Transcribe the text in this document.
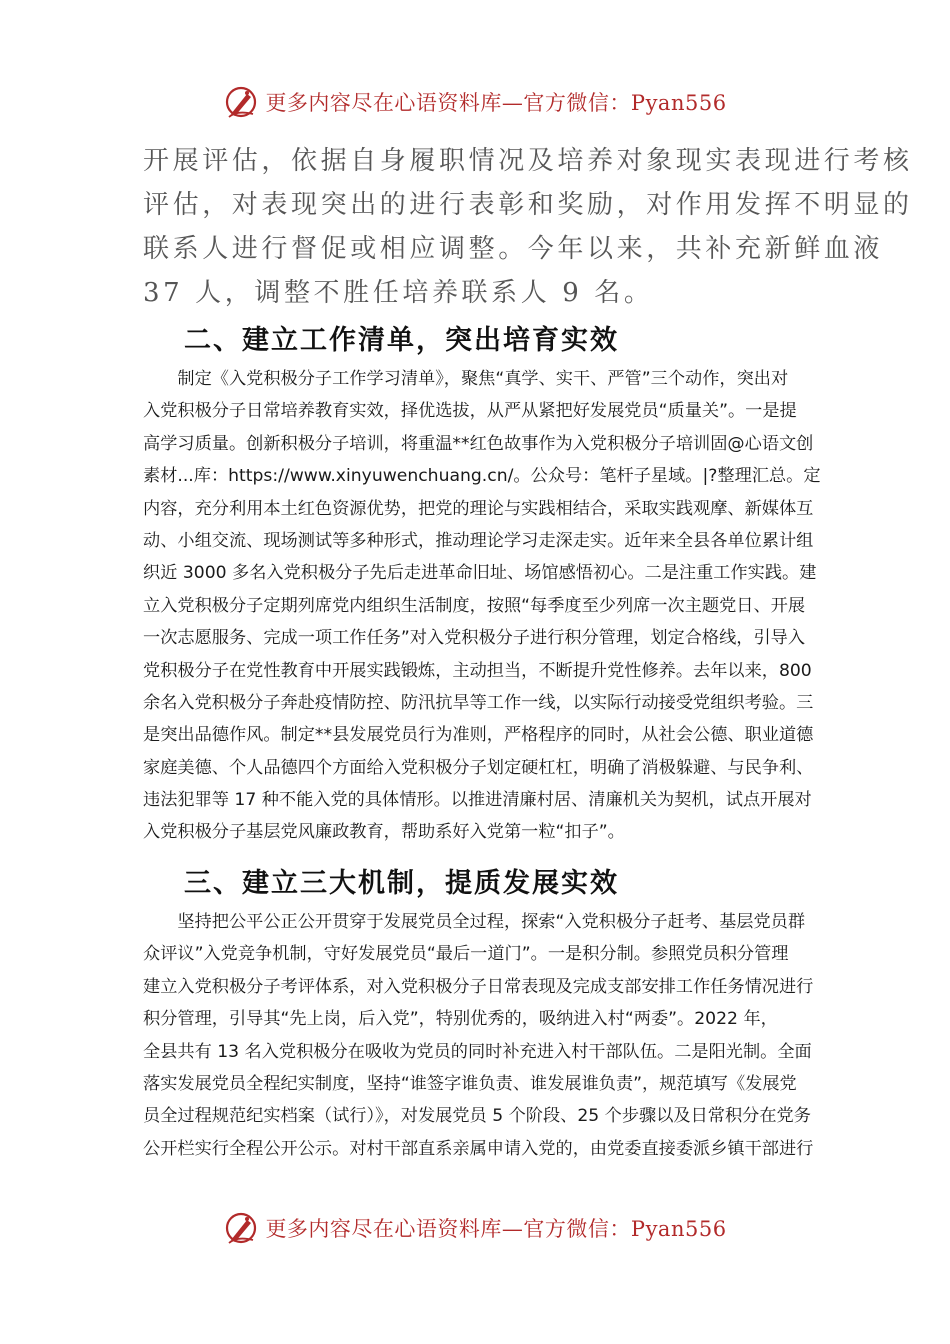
更多内容尽在心语资料库—官方微信：Pyan556
开展评估，依据自身履职情况及培养对象现实表现进行考核
评估，对表现突出的进行表彰和奖励，对作用发挥不明显的
联系人进行督促或相应调整。今年以来，共补充新鲜血液
37 人，调整不胜任培养联系人 9 名。
二、建立工作清单，突出培育实效
　　制定《入党积极分子工作学习清单》，聚焦“真学、实干、严管”三个动作，突出对
入党积极分子日常培养教育实效，择优选拔，从严从紧把好发展党员“质量关”。一是提
高学习质量。创新积极分子培训，将重温**红色故事作为入党积极分子培训固@心语文创
素材...库：https://www.xinyuwenchuang.cn/。公众号：笔杆子星域。|?整理汇总。定
内容，充分利用本土红色资源优势，把党的理论与实践相结合，采取实践观摩、新媒体互
动、小组交流、现场测试等多种形式，推动理论学习走深走实。近年来全县各单位累计组
织近 3000 多名入党积极分子先后走进革命旧址、场馆感悟初心。二是注重工作实践。建
立入党积极分子定期列席党内组织生活制度，按照“每季度至少列席一次主题党日、开展
一次志愿服务、完成一项工作任务”对入党积极分子进行积分管理，划定合格线，引导入
党积极分子在党性教育中开展实践锻炼，主动担当，不断提升党性修养。去年以来，800
余名入党积极分子奔赴疫情防控、防汛抗旱等工作一线，以实际行动接受党组织考验。三
是突出品德作风。制定**县发展党员行为准则，严格程序的同时，从社会公德、职业道德
家庭美德、个人品德四个方面给入党积极分子划定硬杠杠，明确了消极躲避、与民争利、
违法犯罪等 17 种不能入党的具体情形。以推进清廉村居、清廉机关为契机，试点开展对
入党积极分子基层党风廉政教育，帮助系好入党第一粒“扣子”。
三、建立三大机制，提质发展实效
　　坚持把公平公正公开贯穿于发展党员全过程，探索“入党积极分子赶考、基层党员群
众评议”入党竞争机制，守好发展党员“最后一道门”。一是积分制。参照党员积分管理
建立入党积极分子考评体系，对入党积极分子日常表现及完成支部安排工作任务情况进行
积分管理，引导其“先上岗，后入党”，特别优秀的，吸纳进入村“两委”。2022 年，
全县共有 13 名入党积极分在吸收为党员的同时补充进入村干部队伍。二是阳光制。全面
落实发展党员全程纪实制度，坚持“谁签字谁负责、谁发展谁负责”，规范填写《发展党
员全过程规范纪实档案（试行）》，对发展党员 5 个阶段、25 个步骤以及日常积分在党务
公开栏实行全程公开公示。对村干部直系亲属申请入党的，由党委直接委派乡镇干部进行
更多内容尽在心语资料库—官方微信：Pyan556
